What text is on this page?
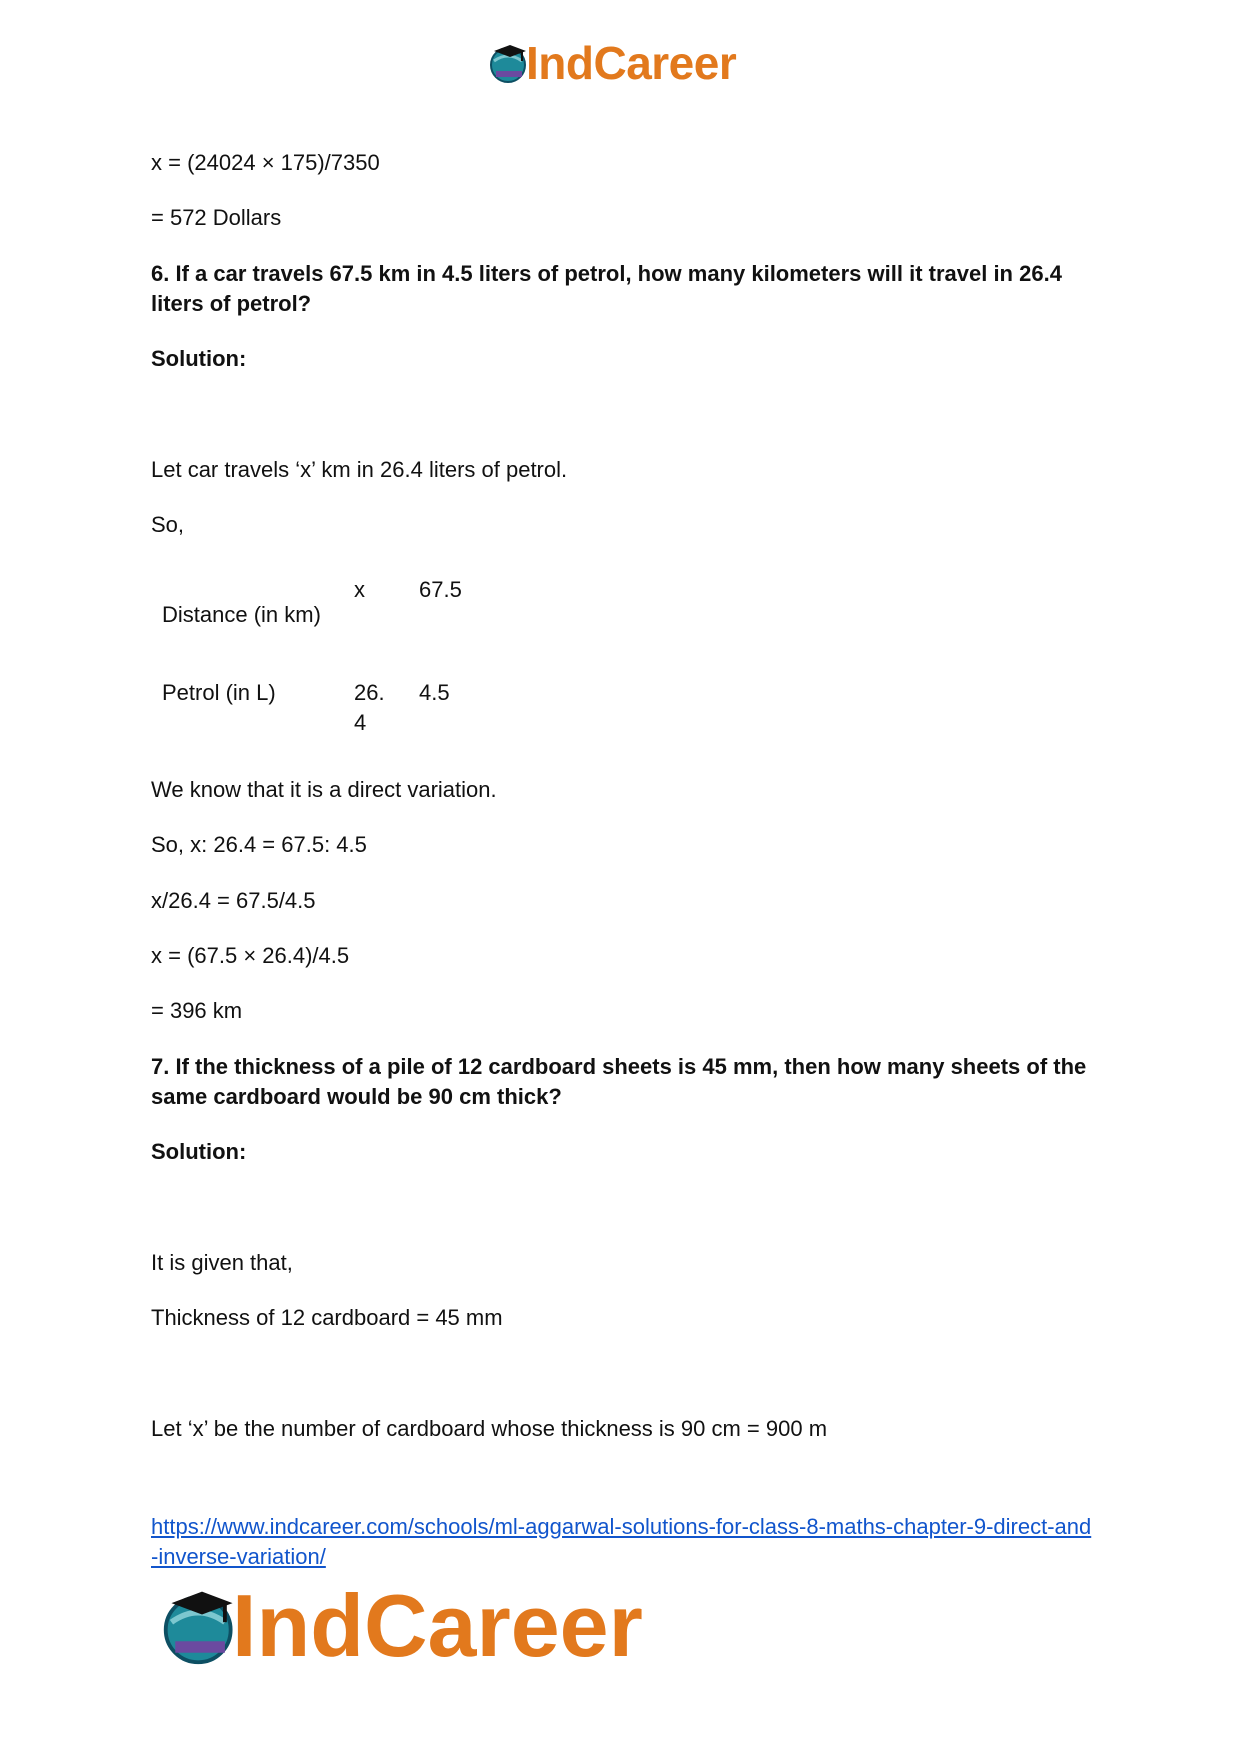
IndCareer
x = (24024 × 175)/7350
= 572 Dollars
6. If a car travels 67.5 km in 4.5 liters of petrol, how many kilometers will it travel in 26.4 liters of petrol?
Solution:
Let car travels ‘x’ km in 26.4 liters of petrol.
So,
Distance (in km)
x 67.5
Petrol (in L)	26.
4
4.5
We know that it is a direct variation.
So, x: 26.4 = 67.5: 4.5
x/26.4 = 67.5/4.5
x = (67.5 × 26.4)/4.5
= 396 km
7. If the thickness of a pile of 12 cardboard sheets is 45 mm, then how many sheets of the same cardboard would be 90 cm thick?
Solution:
It is given that,
Thickness of 12 cardboard = 45 mm
Let ‘x’ be the number of cardboard whose thickness is 90 cm = 900 m
https://www.indcareer.com/schools/ml-aggarwal-solutions-for-class-8-maths-chapter-9-direct-and-inverse-variation/
IndCareer
